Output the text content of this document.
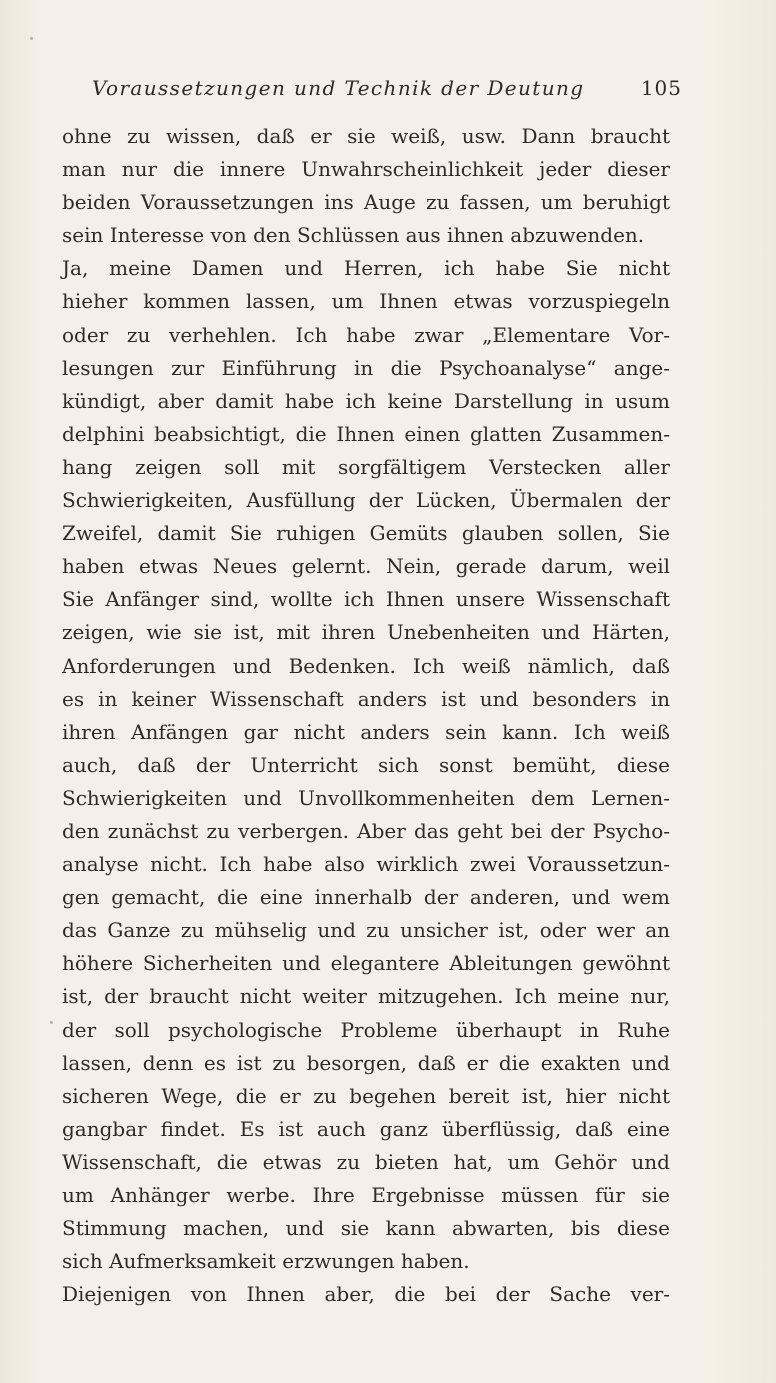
Voraussetzungen und Technik der Deutung	105
ohne zu wissen, daß er sie weiß, usw. Dann braucht
man nur die innere Unwahrscheinlichkeit jeder dieser
beiden Voraussetzungen ins Auge zu fassen, um beruhigt
sein Interesse von den Schlüssen aus ihnen abzuwenden.
Ja, meine Damen und Herren, ich habe Sie nicht
hieher kommen lassen, um Ihnen etwas vorzuspiegeln
oder zu verhehlen. Ich habe zwar „Elementare Vor-
lesungen zur Einführung in die Psychoanalyse“ ange-
kündigt, aber damit habe ich keine Darstellung in usum
delphini beabsichtigt, die Ihnen einen glatten Zusammen-
hang zeigen soll mit sorgfältigem Verstecken aller
Schwierigkeiten, Ausfüllung der Lücken, Übermalen der
Zweifel, damit Sie ruhigen Gemüts glauben sollen, Sie
haben etwas Neues gelernt. Nein, gerade darum, weil
Sie Anfänger sind, wollte ich Ihnen unsere Wissenschaft
zeigen, wie sie ist, mit ihren Unebenheiten und Härten,
Anforderungen und Bedenken. Ich weiß nämlich, daß
es in keiner Wissenschaft anders ist und besonders in
ihren Anfängen gar nicht anders sein kann. Ich weiß
auch, daß der Unterricht sich sonst bemüht, diese
Schwierigkeiten und Unvollkommenheiten dem Lernen-
den zunächst zu verbergen. Aber das geht bei der Psycho-
analyse nicht. Ich habe also wirklich zwei Voraussetzun-
gen gemacht, die eine innerhalb der anderen, und wem
das Ganze zu mühselig und zu unsicher ist, oder wer an
höhere Sicherheiten und elegantere Ableitungen gewöhnt
ist, der braucht nicht weiter mitzugehen. Ich meine nur,
der soll psychologische Probleme überhaupt in Ruhe
lassen, denn es ist zu besorgen, daß er die exakten und
sicheren Wege, die er zu begehen bereit ist, hier nicht
gangbar findet. Es ist auch ganz überflüssig, daß eine
Wissenschaft, die etwas zu bieten hat, um Gehör und
um Anhänger werbe. Ihre Ergebnisse müssen für sie
Stimmung machen, und sie kann abwarten, bis diese
sich Aufmerksamkeit erzwungen haben.
Diejenigen von Ihnen aber, die bei der Sache ver-
